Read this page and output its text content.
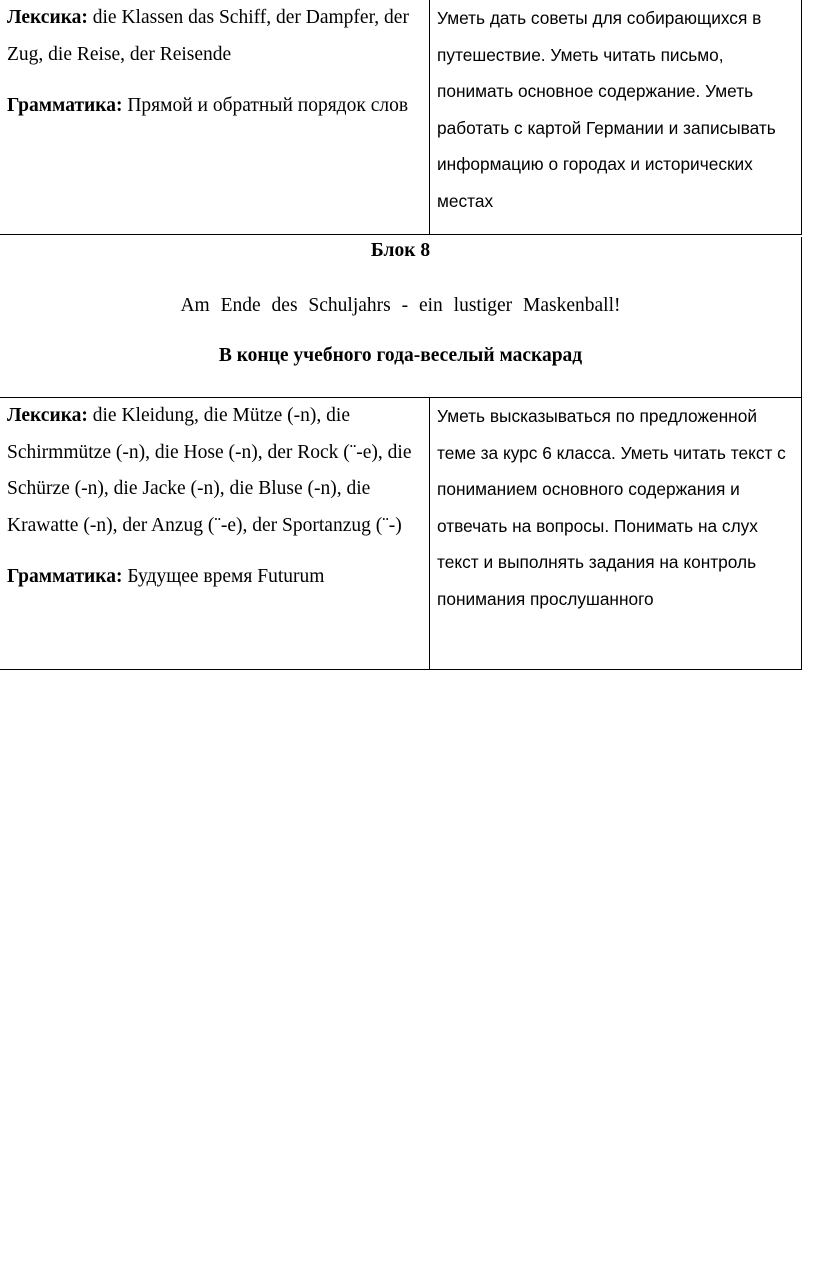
Лексика: die Klassen das Schiff, der Dampfer, der Zug, die Reise, der Reisende
Грамматика: Прямой и обратный порядок слов
Уметь дать советы для собирающихся в путешествие. Уметь читать письмо, понимать основное содержание. Уметь работать с картой Германии и записывать информацию о городах и исторических местах
Блок 8
Am Ende des Schuljahrs - ein lustiger Maskenball!
В конце учебного года-веселый маскарад
Лексика: die Kleidung, die Mütze (-n), die Schirmmütze (-n), die Hose (-n), der Rock (¨-e), die Schürze (-n), die Jacke (-n), die Bluse (-n), die Krawatte (-n), der Anzug (¨-e), der Sportanzug (¨-)
Грамматика: Будущее время Futurum
Уметь высказываться по предложенной теме за курс 6 класса. Уметь читать текст с пониманием основного содержания и отвечать на вопросы. Понимать на слух текст и выполнять задания на контроль понимания прослушанного
